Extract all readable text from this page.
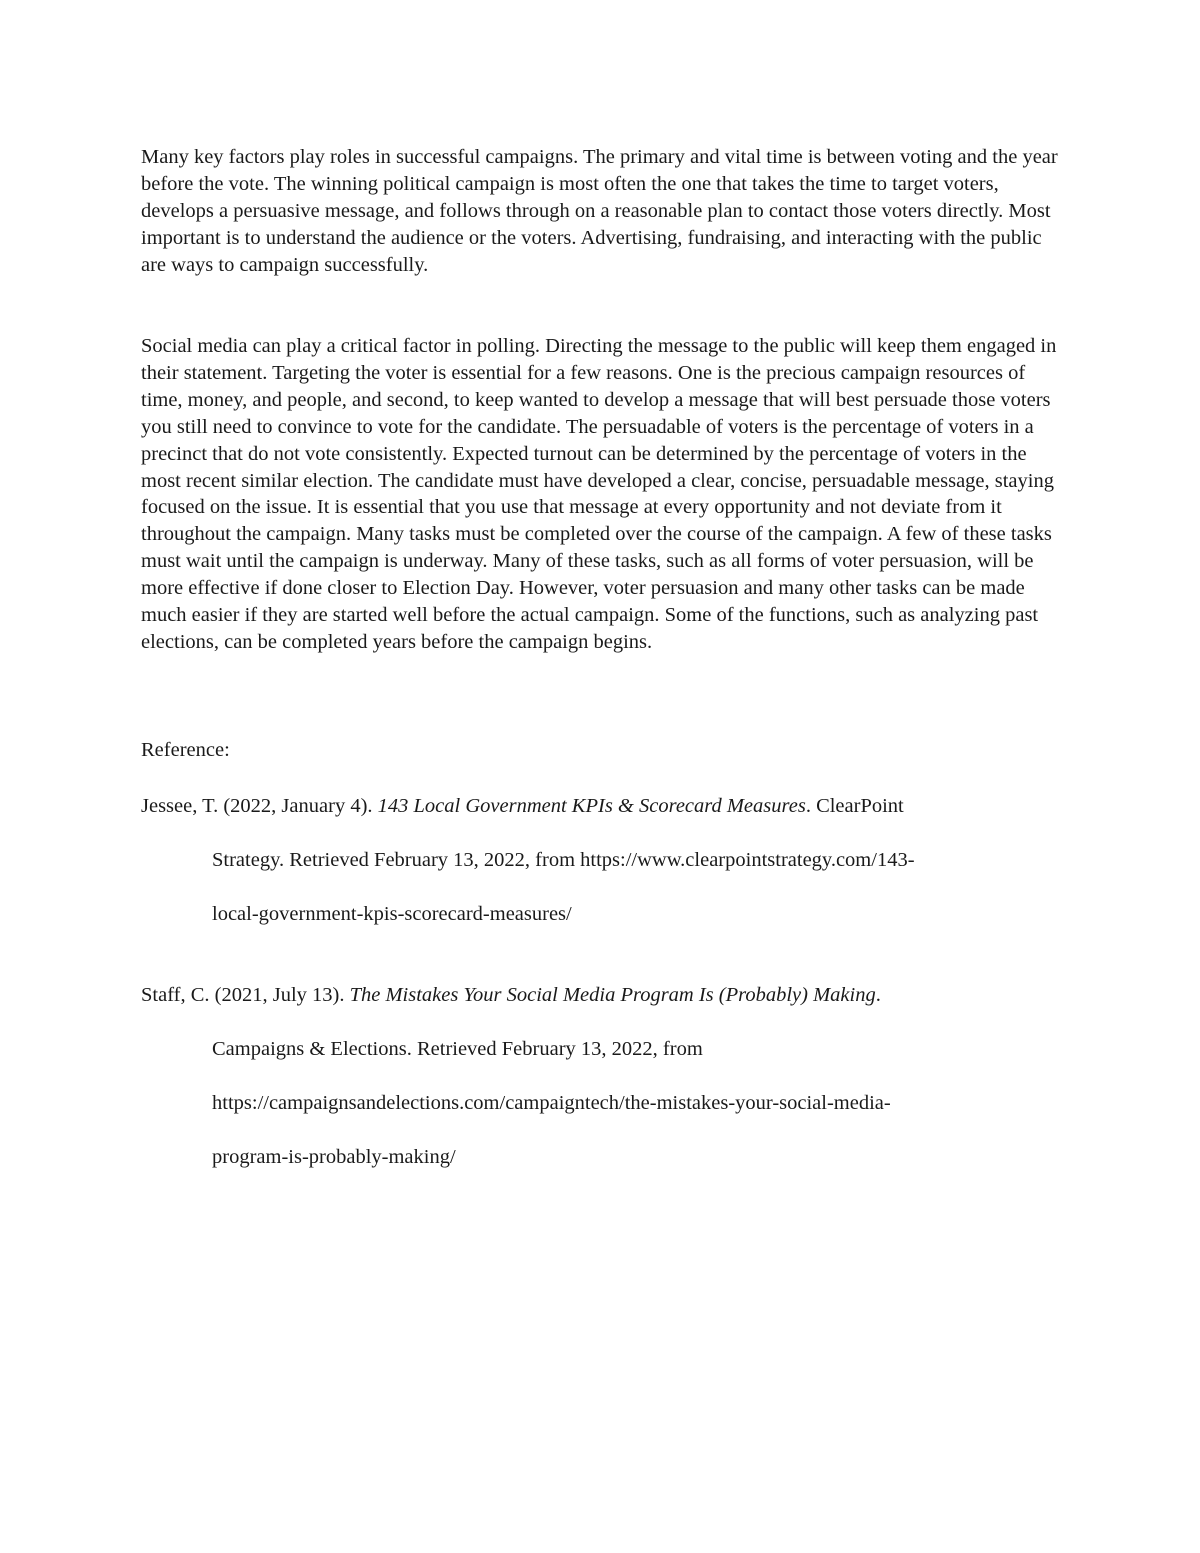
Many key factors play roles in successful campaigns. The primary and vital time is between voting and the year before the vote. The winning political campaign is most often the one that takes the time to target voters, develops a persuasive message, and follows through on a reasonable plan to contact those voters directly. Most important is to understand the audience or the voters. Advertising, fundraising, and interacting with the public are ways to campaign successfully.

Social media can play a critical factor in polling. Directing the message to the public will keep them engaged in their statement. Targeting the voter is essential for a few reasons. One is the precious campaign resources of time, money, and people, and second, to keep wanted to develop a message that will best persuade those voters you still need to convince to vote for the candidate. The persuadable of voters is the percentage of voters in a precinct that do not vote consistently. Expected turnout can be determined by the percentage of voters in the most recent similar election. The candidate must have developed a clear, concise, persuadable message, staying focused on the issue. It is essential that you use that message at every opportunity and not deviate from it throughout the campaign. Many tasks must be completed over the course of the campaign. A few of these tasks must wait until the campaign is underway. Many of these tasks, such as all forms of voter persuasion, will be more effective if done closer to Election Day. However, voter persuasion and many other tasks can be made much easier if they are started well before the actual campaign. Some of the functions, such as analyzing past elections, can be completed years before the campaign begins.

Reference:

Jessee, T. (2022, January 4). 143 Local Government KPIs & Scorecard Measures. ClearPoint

Strategy. Retrieved February 13, 2022, from https://www.clearpointstrategy.com/143-

local-government-kpis-scorecard-measures/

Staff, C. (2021, July 13). The Mistakes Your Social Media Program Is (Probably) Making.

Campaigns & Elections. Retrieved February 13, 2022, from

https://campaignsandelections.com/campaigntech/the-mistakes-your-social-media-

program-is-probably-making/
